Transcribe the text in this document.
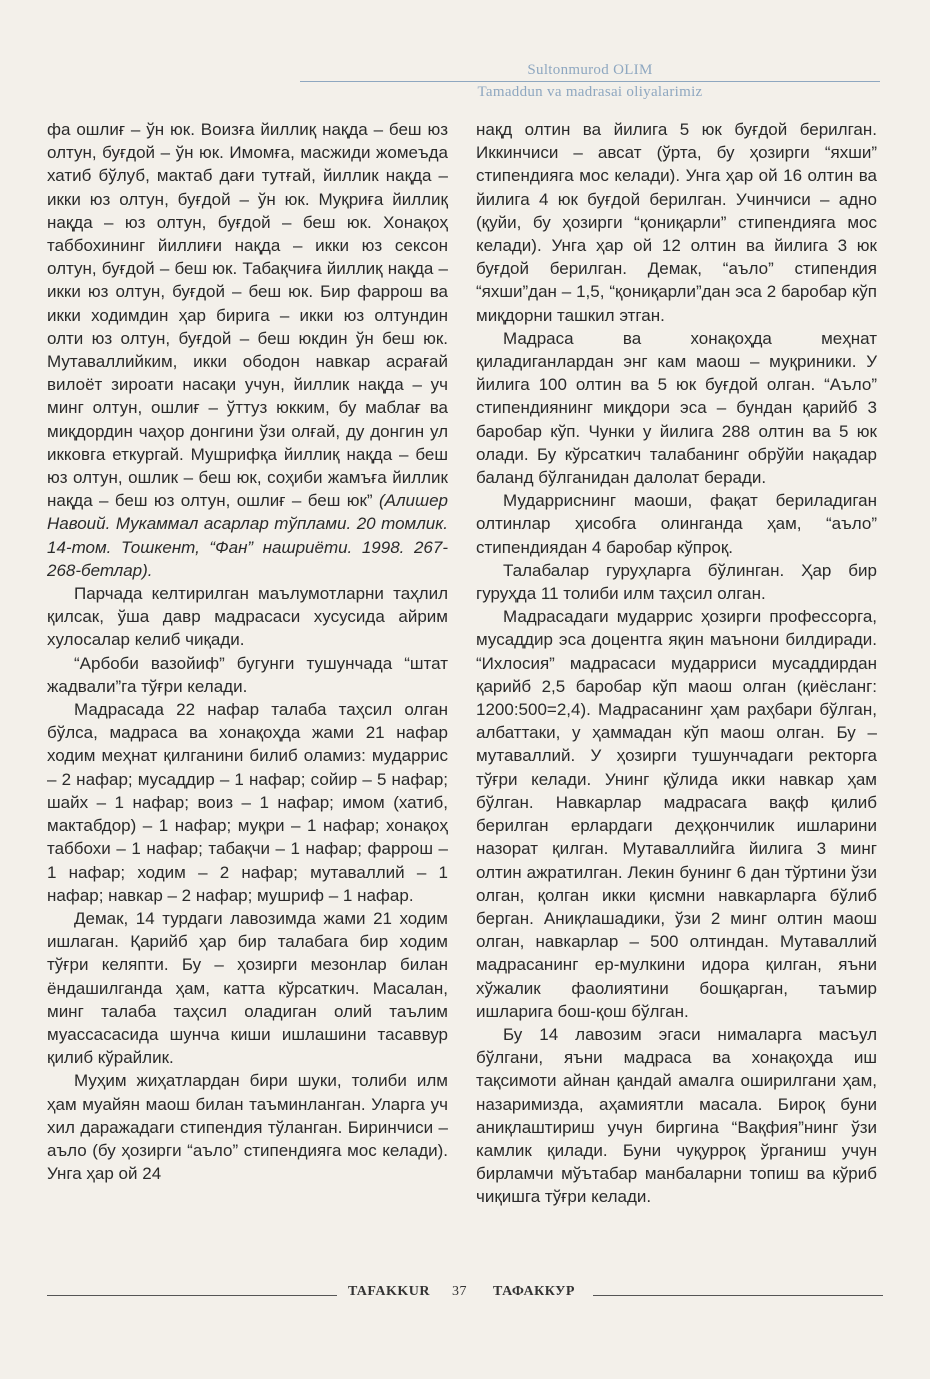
Sultonmurod OLIM
Tamaddun va madrasai oliyalarimiz

фа ошлиғ – ўн юк. Воизға йиллиқ нақда – беш юз олтун, буғдой – ўн юк. Имомға, масжиди жомеъда хатиб бўлуб, мактаб дағи тутғай, йиллик нақда – икки юз олтун, буғдой – ўн юк. Муқриға йиллиқ нақда – юз олтун, буғдой – беш юк. Хонақоҳ таббохининг йиллиғи нақда – икки юз сексон олтун, буғдой – беш юк. Табақчиға йиллиқ нақда – икки юз олтун, буғдой – беш юк. Бир фаррош ва икки ходимдин ҳар бирига – икки юз олтундин олти юз олтун, буғдой – беш юкдин ўн беш юк. Мутаваллийким, икки ободон навкар асрағай вилоёт зироати насақи учун, йиллик нақда – уч минг олтун, ошлиғ – ўттуз юкким, бу маблағ ва миқдордин чаҳор донгини ўзи олғай, ду донгин ул икковга еткургай. Мушрифқа йиллиқ нақда – беш юз олтун, ошлик – беш юк, соҳиби жамъға йиллик нақда – беш юз олтун, ошлиғ – беш юк” (Алишер Навоий. Мукаммал асарлар тўплами. 20 томлик. 14-том. Тошкент, “Фан” нашриёти. 1998. 267-268-бетлар).

Парчада келтирилган маълумотларни таҳлил қилсак, ўша давр мадрасаси хусусида айрим хулосалар келиб чиқади.

“Арбоби вазойиф” бугунги тушунчада “штат жадвали”га тўғри келади.

Мадрасада 22 нафар талаба таҳсил олган бўлса, мадраса ва хонақоҳда жами 21 нафар ходим меҳнат қилганини билиб оламиз: мударрис – 2 нафар; мусаддир – 1 нафар; сойир – 5 нафар; шайх – 1 нафар; воиз – 1 нафар; имом (хатиб, мактабдор) – 1 нафар; муқри – 1 нафар; хонақоҳ таббохи – 1 нафар; табақчи – 1 нафар; фаррош – 1 нафар; ходим – 2 нафар; мутаваллий – 1 нафар; навкар – 2 нафар; мушриф – 1 нафар.

Демак, 14 турдаги лавозимда жами 21 ходим ишлаган. Қарийб ҳар бир талабага бир ходим тўғри келяпти. Бу – ҳозирги мезонлар билан ёндашилганда ҳам, катта кўрсаткич. Масалан, минг талаба таҳсил оладиган олий таълим муассасасида шунча киши ишлашини тасаввур қилиб кўрайлик.

Муҳим жиҳатлардан бири шуки, толиби илм ҳам муайян маош билан таъминланган. Уларга уч хил даражадаги стипендия тўланган. Биринчиси – аъло (бу ҳозирги “аъло” стипендияга мос келади). Унга ҳар ой 24

нақд олтин ва йилига 5 юк буғдой берилган. Иккинчиси – авсат (ўрта, бу ҳозирги “яхши” стипендияга мос келади). Унга ҳар ой 16 олтин ва йилига 4 юк буғдой берилган. Учинчиси – адно (қуйи, бу ҳозирги “қониқарли” стипендияга мос келади). Унга ҳар ой 12 олтин ва йилига 3 юк буғдой берилган. Демак, “аъло” стипендия “яхши”дан – 1,5, “қониқарли”дан эса 2 баробар кўп миқдорни ташкил этган.

Мадраса ва хонақоҳда меҳнат қиладиганлардан энг кам маош – муқриники. У йилига 100 олтин ва 5 юк буғдой олган. “Аъло” стипендиянинг миқдори эса – бундан қарийб 3 баробар кўп. Чунки у йилига 288 олтин ва 5 юк олади. Бу кўрсаткич талабанинг обрўйи нақадар баланд бўлганидан далолат беради.

Мударриснинг маоши, фақат бериладиган олтинлар ҳисобга олинганда ҳам, “аъло” стипендиядан 4 баробар кўпроқ.

Талабалар гуруҳларга бўлинган. Ҳар бир гуруҳда 11 толиби илм таҳсил олган.

Мадрасадаги мударрис ҳозирги профессорга, мусаддир эса доцентга яқин маънони билдиради. “Ихлосия” мадрасаси мударриси мусаддирдан қарийб 2,5 баробар кўп маош олган (қиёсланг: 1200:500=2,4). Мадрасанинг ҳам раҳбари бўлган, албаттаки, у ҳаммадан кўп маош олган. Бу – мутаваллий. У ҳозирги тушунчадаги ректорга тўғри келади. Унинг қўлида икки навкар ҳам бўлган. Навкарлар мадрасага вақф қилиб берилган ерлардаги деҳқончилик ишларини назорат қилган. Мутаваллийга йилига 3 минг олтин ажратилган. Лекин бунинг 6 дан тўртини ўзи олган, қолган икки қисмни навкарларга бўлиб берган. Аниқлашадики, ўзи 2 минг олтин маош олган, навкарлар – 500 олтиндан. Мутаваллий мадрасанинг ер-мулкини идора қилган, яъни хўжалик фаолиятини бошқарган, таъмир ишларига бош-қош бўлган.

Бу 14 лавозим эгаси нималарга масъул бўлгани, яъни мадраса ва хонақоҳда иш тақсимоти айнан қандай амалга оширилгани ҳам, назаримизда, аҳамиятли масала. Бироқ буни аниқлаштириш учун биргина “Вақфия”нинг ўзи камлик қилади. Буни чуқурроқ ўрганиш учун бирламчи мўътабар манбаларни топиш ва кўриб чиқишга тўғри келади.

TAFAKKUR 37 ТАФАККУР
